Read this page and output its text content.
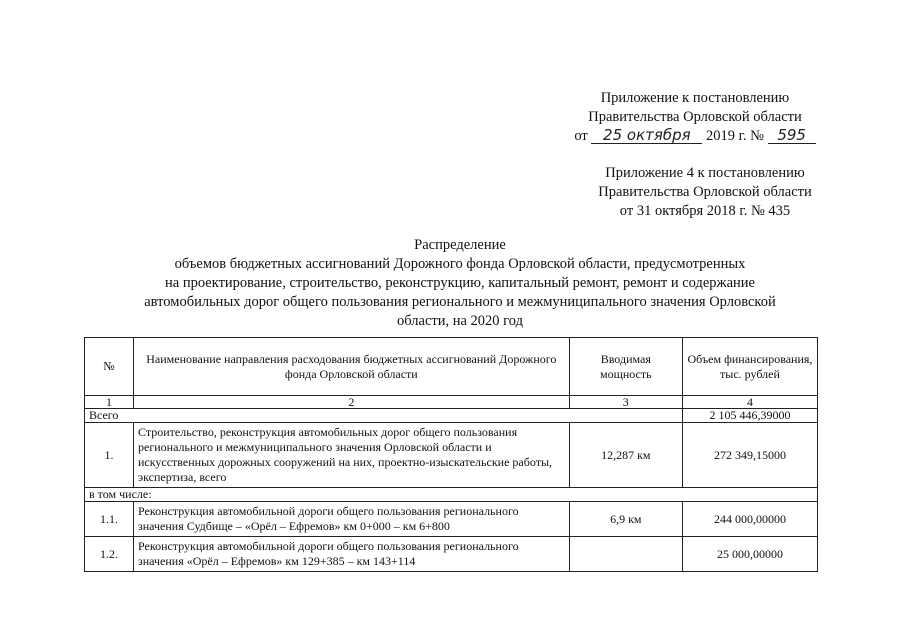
Приложение к постановлению
Правительства Орловской области
от 25 октября 2019 г. № 595
Приложение 4 к постановлению
Правительства Орловской области
от 31 октября 2018 г. № 435
Распределение
объемов бюджетных ассигнований Дорожного фонда Орловской области, предусмотренных
на проектирование, строительство, реконструкцию, капитальный ремонт, ремонт и содержание
автомобильных дорог общего пользования регионального и межмуниципального значения Орловской
области, на 2020 год
№	Наименование направления расходования бюджетных ассигнований Дорожного фонда Орловской области	Вводимая мощность	Объем финансирования, тыс. рублей
1	2	3	4
Всего			2 105 446,39000
1.	Строительство, реконструкция автомобильных дорог общего пользования регионального и межмуниципального значения Орловской области и искусственных дорожных сооружений на них, проектно-изыскательские работы, экспертиза, всего	12,287 км	272 349,15000
в том числе:			
1.1.	Реконструкция автомобильной дороги общего пользования регионального значения Судбище – «Орёл – Ефремов» км 0+000 – км 6+800	6,9 км	244 000,00000
1.2.	Реконструкция автомобильной дороги общего пользования регионального значения «Орёл – Ефремов» км 129+385 – км 143+114		25 000,00000
